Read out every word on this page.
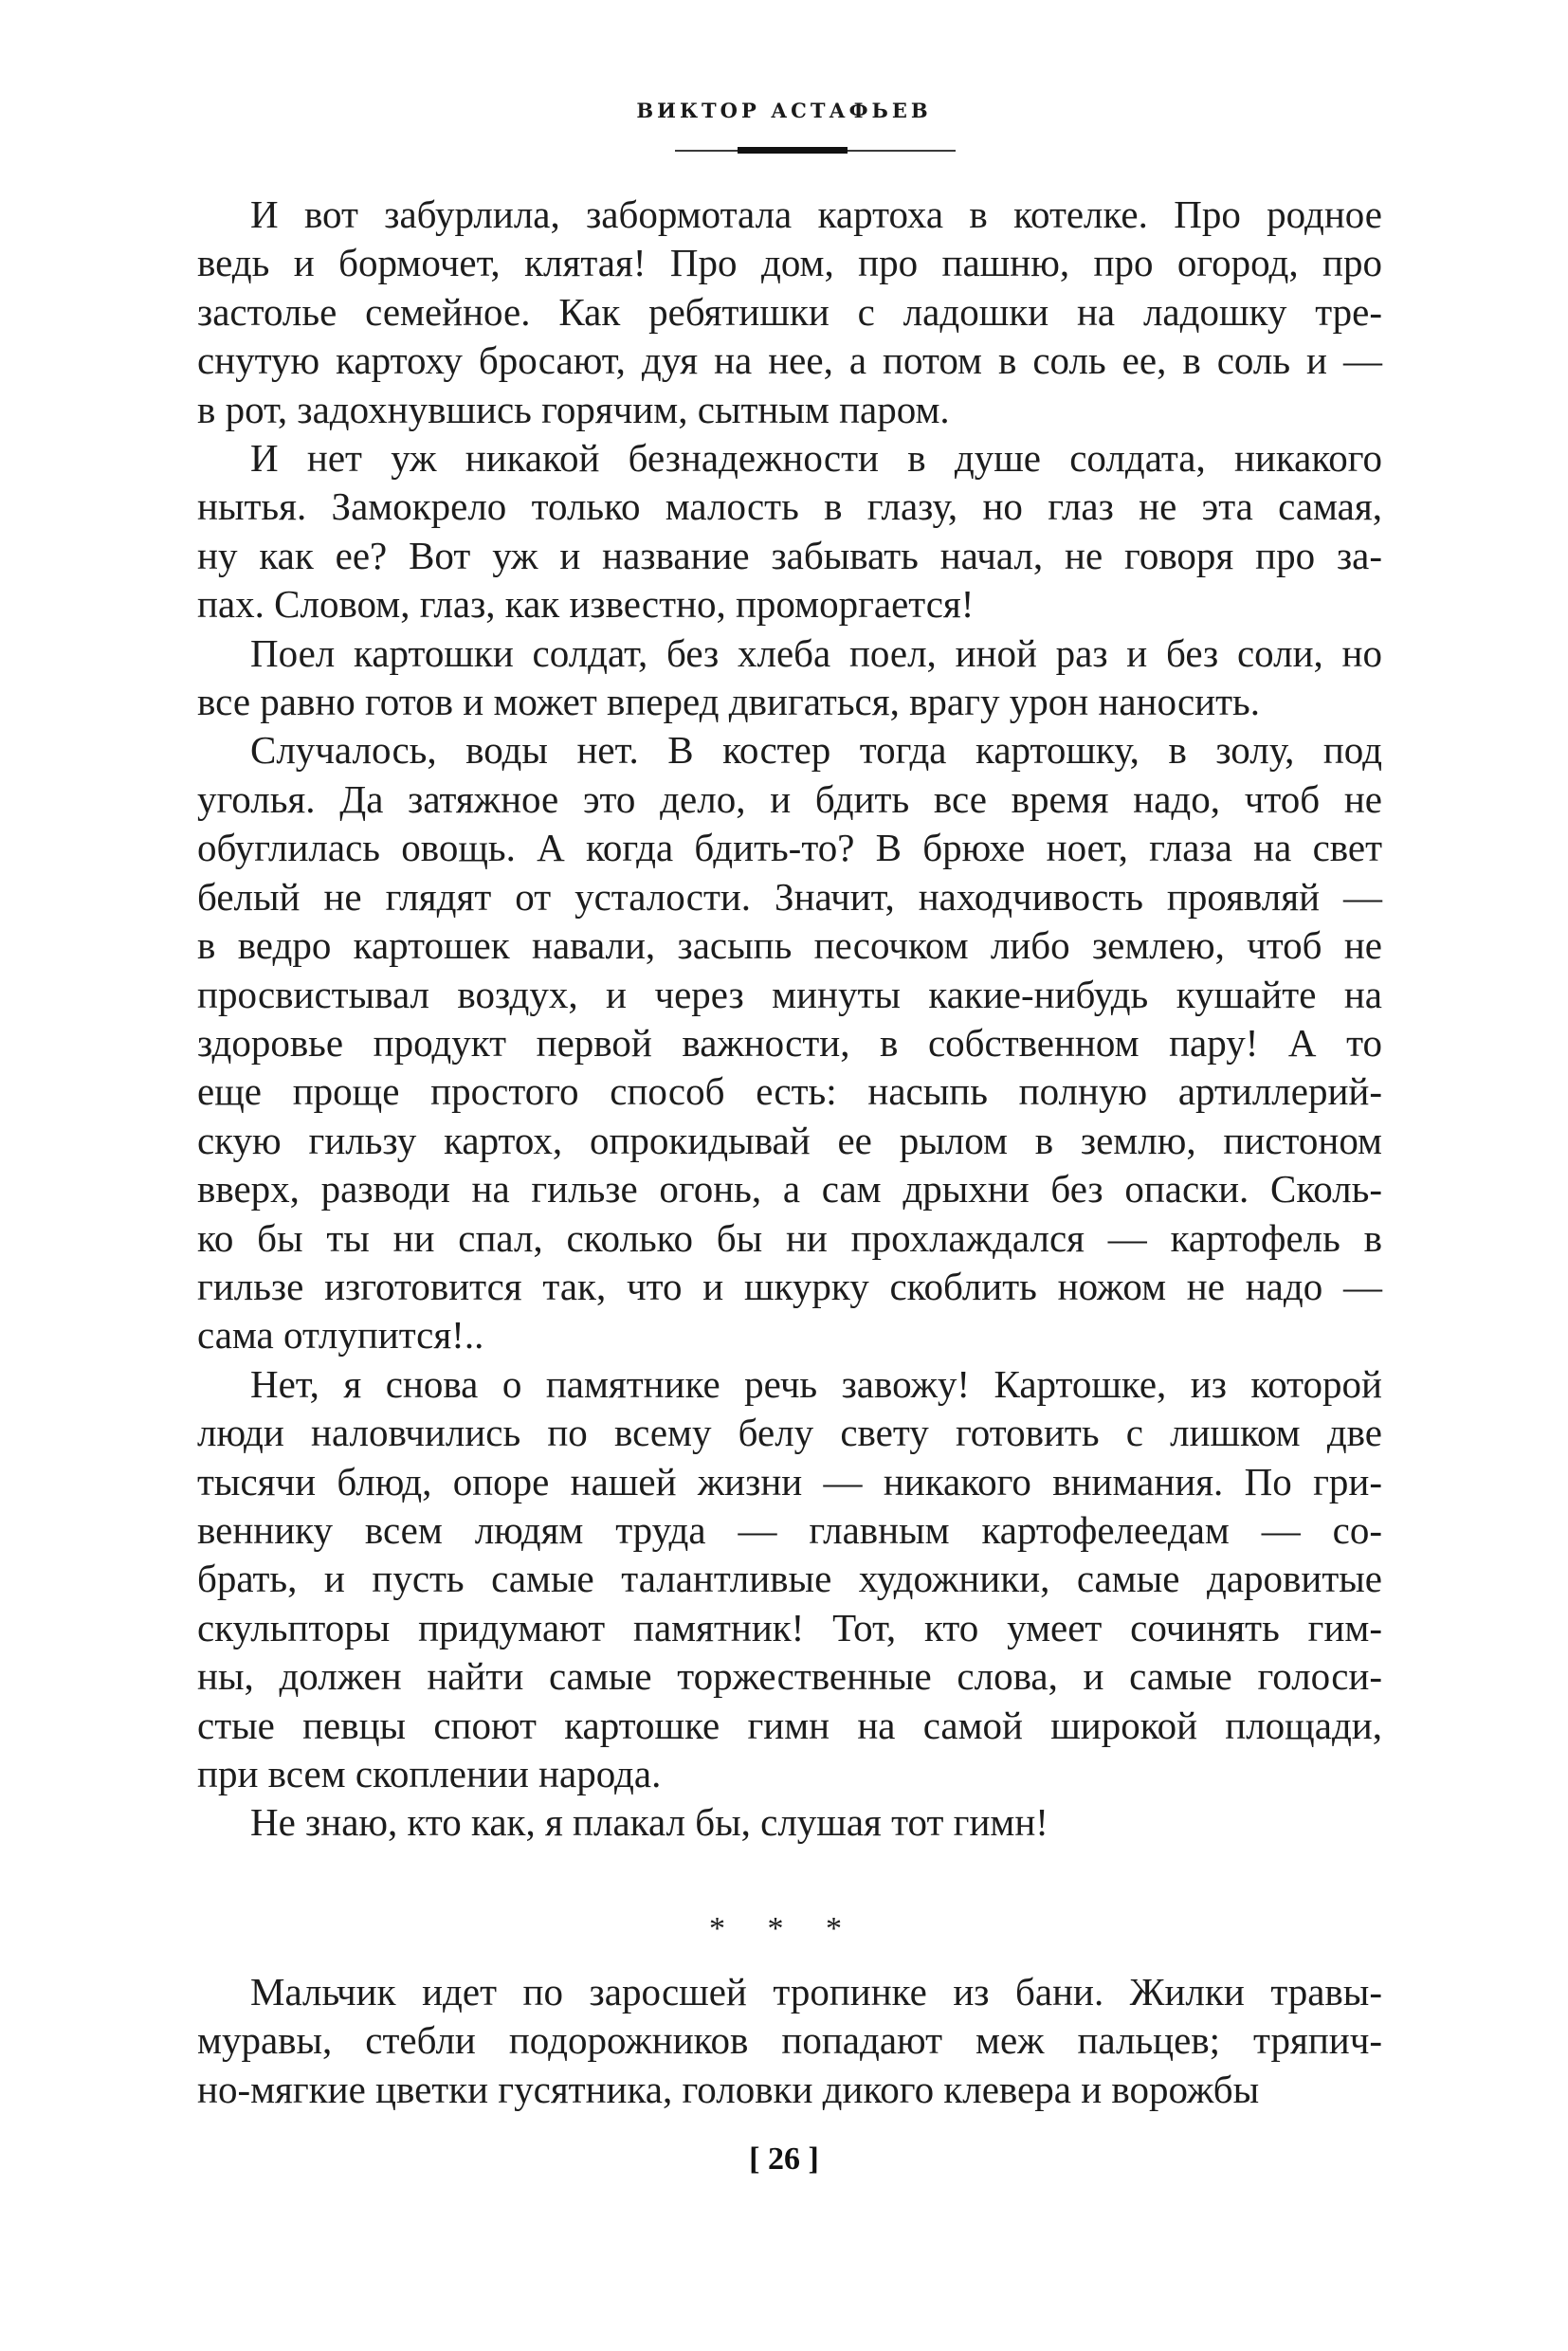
ВИКТОР АСТАФЬЕВ
И вот забурлила, забормотала картоха в котелке. Про родное
ведь и бормочет, клятая! Про дом, про пашню, про огород, про
застолье семейное. Как ребятишки с ладошки на ладошку тре-
снутую картоху бросают, дуя на нее, а потом в соль ее, в соль и —
в рот, задохнувшись горячим, сытным паром.
И нет уж никакой безнадежности в душе солдата, никакого
нытья. Замокрело только малость в глазу, но глаз не эта самая,
ну как ее? Вот уж и название забывать начал, не говоря про за-
пах. Словом, глаз, как известно, проморгается!
Поел картошки солдат, без хлеба поел, иной раз и без соли, но
все равно готов и может вперед двигаться, врагу урон наносить.
Случалось, воды нет. В костер тогда картошку, в золу, под
уголья. Да затяжное это дело, и бдить все время надо, чтоб не
обуглилась овощь. А когда бдить-то? В брюхе ноет, глаза на свет
белый не глядят от усталости. Значит, находчивость проявляй —
в ведро картошек навали, засыпь песочком либо землею, чтоб не
просвистывал воздух, и через минуты какие-нибудь кушайте на
здоровье продукт первой важности, в собственном пару! А то
еще проще простого способ есть: насыпь полную артиллерий-
скую гильзу картох, опрокидывай ее рылом в землю, пистоном
вверх, разводи на гильзе огонь, а сам дрыхни без опаски. Сколь-
ко бы ты ни спал, сколько бы ни прохлаждался — картофель в
гильзе изготовится так, что и шкурку скоблить ножом не надо —
сама отлупится!..
Нет, я снова о памятнике речь завожу! Картошке, из которой
люди наловчились по всему белу свету готовить с лишком две
тысячи блюд, опоре нашей жизни — никакого внимания. По гри-
веннику всем людям труда — главным картофелеедам — со-
брать, и пусть самые талантливые художники, самые даровитые
скульпторы придумают памятник! Тот, кто умеет сочинять гим-
ны, должен найти самые торжественные слова, и самые голоси-
стые певцы споют картошке гимн на самой широкой площади,
при всем скоплении народа.
Не знаю, кто как, я плакал бы, слушая тот гимн!
* * *
Мальчик идет по заросшей тропинке из бани. Жилки травы-
муравы, стебли подорожников попадают меж пальцев; тряпич-
но-мягкие цветки гусятника, головки дикого клевера и ворожбы
[ 26 ]
